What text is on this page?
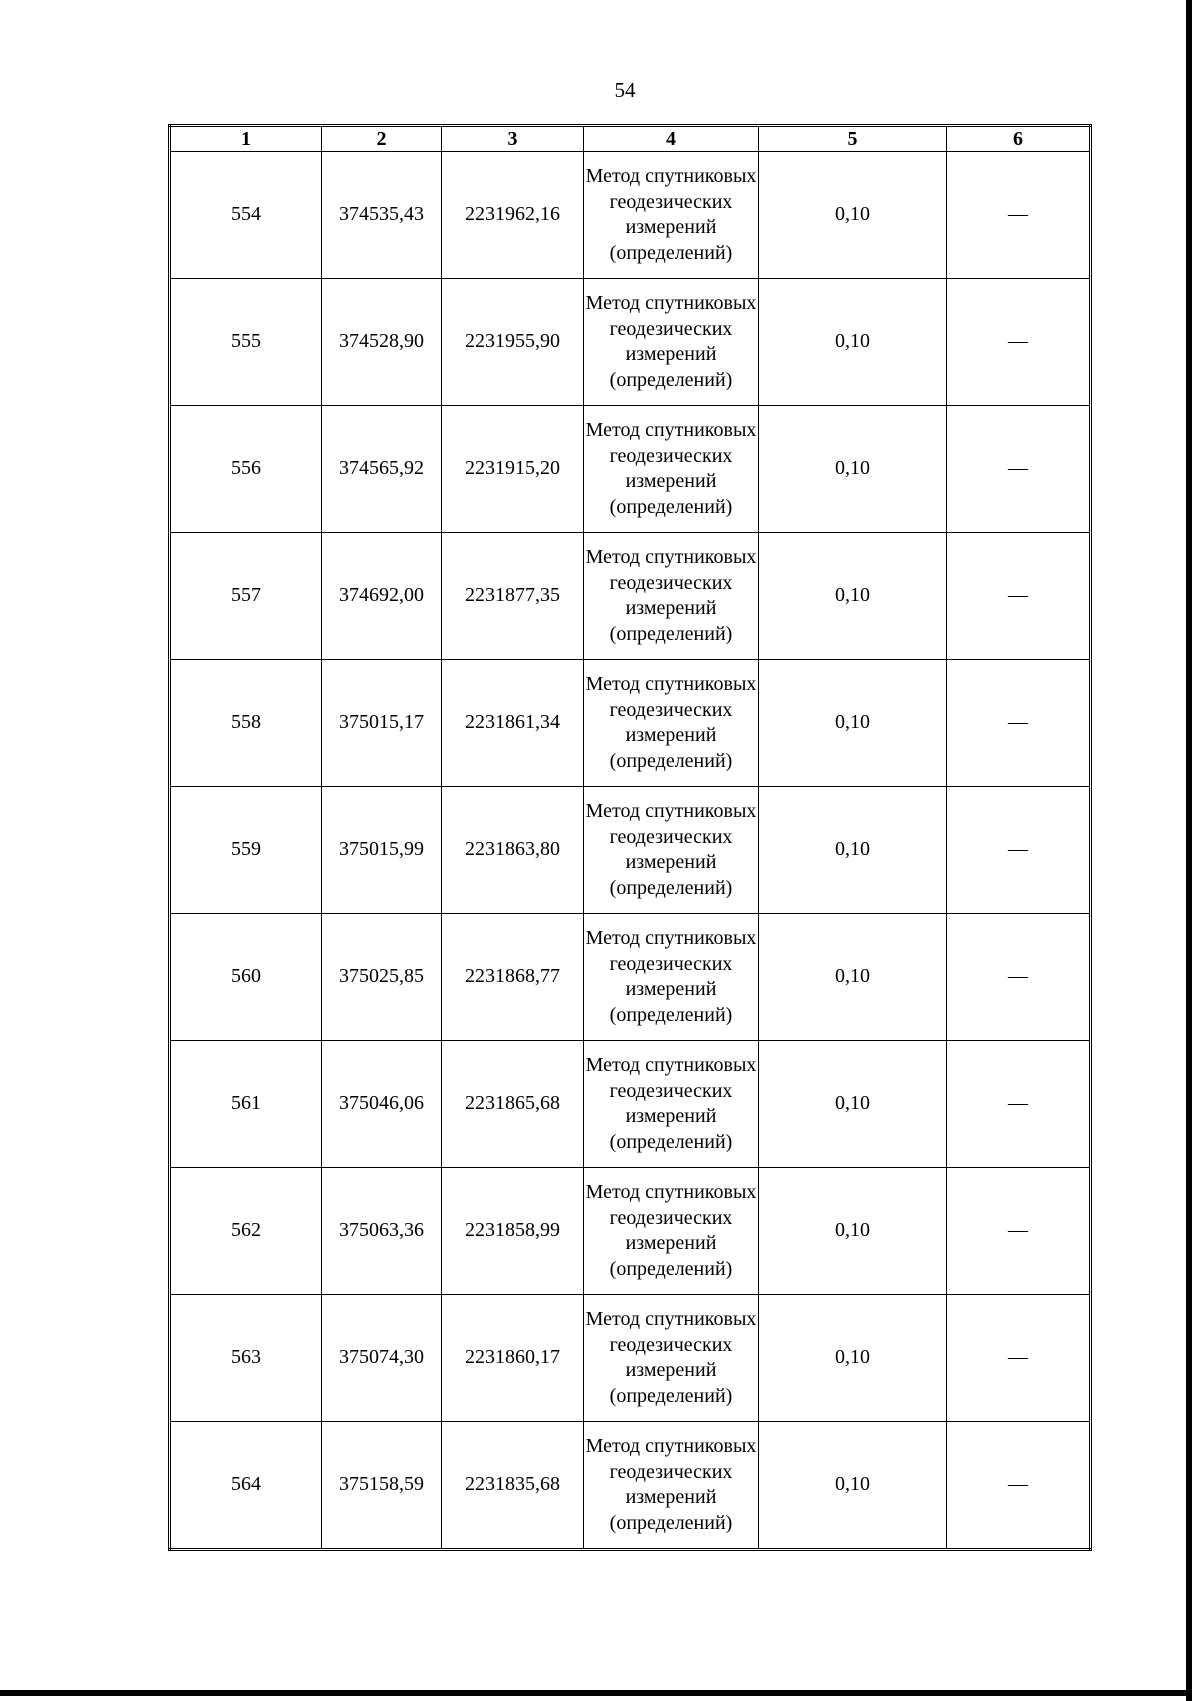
54
1	2	3	4	5	6
554	374535,43	2231962,16	Метод спутниковых геодезических измерений (определений)	0,10	—
555	374528,90	2231955,90	Метод спутниковых геодезических измерений (определений)	0,10	—
556	374565,92	2231915,20	Метод спутниковых геодезических измерений (определений)	0,10	—
557	374692,00	2231877,35	Метод спутниковых геодезических измерений (определений)	0,10	—
558	375015,17	2231861,34	Метод спутниковых геодезических измерений (определений)	0,10	—
559	375015,99	2231863,80	Метод спутниковых геодезических измерений (определений)	0,10	—
560	375025,85	2231868,77	Метод спутниковых геодезических измерений (определений)	0,10	—
561	375046,06	2231865,68	Метод спутниковых геодезических измерений (определений)	0,10	—
562	375063,36	2231858,99	Метод спутниковых геодезических измерений (определений)	0,10	—
563	375074,30	2231860,17	Метод спутниковых геодезических измерений (определений)	0,10	—
564	375158,59	2231835,68	Метод спутниковых геодезических измерений (определений)	0,10	—
